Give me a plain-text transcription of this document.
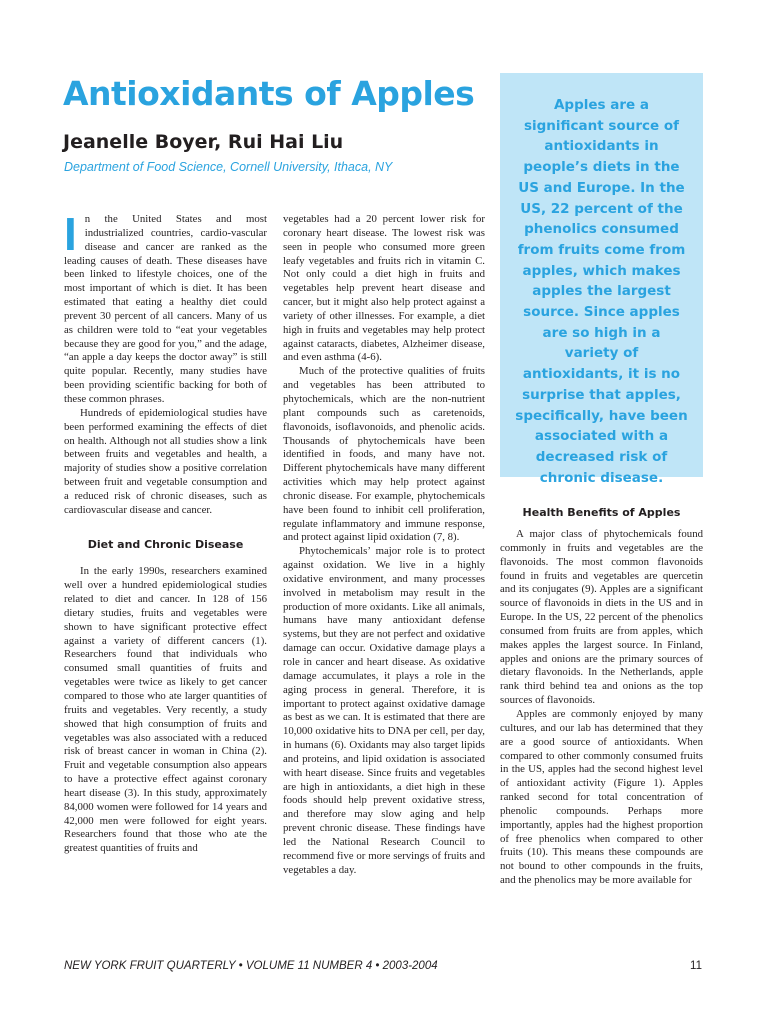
Antioxidants of Apples
Jeanelle Boyer, Rui Hai Liu

Department of Food Science, Cornell University, Ithaca, NY

In the United States and most industrialized countries, cardio-vascular disease and cancer are ranked as the leading causes of death. These diseases have been linked to lifestyle choices, one of the most important of which is diet. It has been estimated that eating a healthy diet could prevent 30 percent of all cancers. Many of us as children were told to “eat your vegetables because they are good for you,” and the adage, “an apple a day keeps the doctor away” is still quite popular. Recently, many studies have been providing scientific backing for both of these common phrases.

Hundreds of epidemiological studies have been performed examining the effects of diet on health. Although not all studies show a link between fruits and vegetables and health, a majority of studies show a positive correlation between fruit and vegetable consumption and a reduced risk of chronic diseases, such as cardiovascular disease and cancer.

Diet and Chronic Disease

In the early 1990s, researchers examined well over a hundred epidemiological studies related to diet and cancer. In 128 of 156 dietary studies, fruits and vegetables were shown to have significant protective effect against a variety of different cancers (1). Researchers found that individuals who consumed small quantities of fruits and vegetables were twice as likely to get cancer compared to those who ate larger quantities of fruits and vegetables. Very recently, a study showed that high consumption of fruits and vegetables was also associated with a reduced risk of breast cancer in woman in China (2). Fruit and vegetable consumption also appears to have a protective effect against coronary heart disease (3). In this study, approximately 84,000 women were followed for 14 years and 42,000 men were followed for eight years. Researchers found that those who ate the greatest quantities of fruits and

vegetables had a 20 percent lower risk for coronary heart disease. The lowest risk was seen in people who consumed more green leafy vegetables and fruits rich in vitamin C. Not only could a diet high in fruits and vegetables help prevent heart disease and cancer, but it might also help protect against a variety of other illnesses. For example, a diet high in fruits and vegetables may help protect against cataracts, diabetes, Alzheimer disease, and even asthma (4-6).

Much of the protective qualities of fruits and vegetables has been attributed to phytochemicals, which are the non-nutrient plant compounds such as caretenoids, flavonoids, isoflavonoids, and phenolic acids. Thousands of phytochemicals have been identified in foods, and many have not. Different phytochemicals have many different activities which may help protect against chronic disease. For example, phytochemicals have been found to inhibit cell proliferation, regulate inflammatory and immune response, and protect against lipid oxidation (7, 8).

Phytochemicals’ major role is to protect against oxidation. We live in a highly oxidative environment, and many processes involved in metabolism may result in the production of more oxidants. Like all animals, humans have many antioxidant defense systems, but they are not perfect and oxidative damage can occur. Oxidative damage plays a role in cancer and heart disease. As oxidative damage accumulates, it plays a role in the aging process in general. Therefore, it is important to protect against oxidative damage as best as we can. It is estimated that there are 10,000 oxidative hits to DNA per cell, per day, in humans (6). Oxidants may also target lipids and proteins, and lipid oxidation is associated with heart disease. Since fruits and vegetables are high in antioxidants, a diet high in these foods should help prevent oxidative stress, and therefore may slow aging and help prevent chronic disease. These findings have led the National Research Council to recommend five or more servings of fruits and vegetables a day.

Apples are a significant source of antioxidants in people’s diets in the US and Europe. In the US, 22 percent of the phenolics consumed from fruits come from apples, which makes apples the largest source. Since apples are so high in a variety of antioxidants, it is no surprise that apples, specifically, have been associated with a decreased risk of chronic disease.
Health Benefits of Apples

A major class of phytochemicals found commonly in fruits and vegetables are the flavonoids. The most common flavonoids found in fruits and vegetables are quercetin and its conjugates (9). Apples are a significant source of flavonoids in diets in the US and in Europe. In the US, 22 percent of the phenolics consumed from fruits are from apples, which makes apples the largest source. In Finland, apples and onions are the primary sources of dietary flavonoids. In the Netherlands, apple rank third behind tea and onions as the top sources of flavonoids.

Apples are commonly enjoyed by many cultures, and our lab has determined that they are a good source of antioxidants. When compared to other commonly consumed fruits in the US, apples had the second highest level of antioxidant activity (Figure 1). Apples ranked second for total concentration of phenolic compounds. Perhaps more importantly, apples had the highest proportion of free phenolics when compared to other fruits (10). This means these compounds are not bound to other compounds in the fruits, and the phenolics may be more available for

NEW YORK FRUIT QUARTERLY • VOLUME 11 NUMBER 4 • 2003-2004	11
